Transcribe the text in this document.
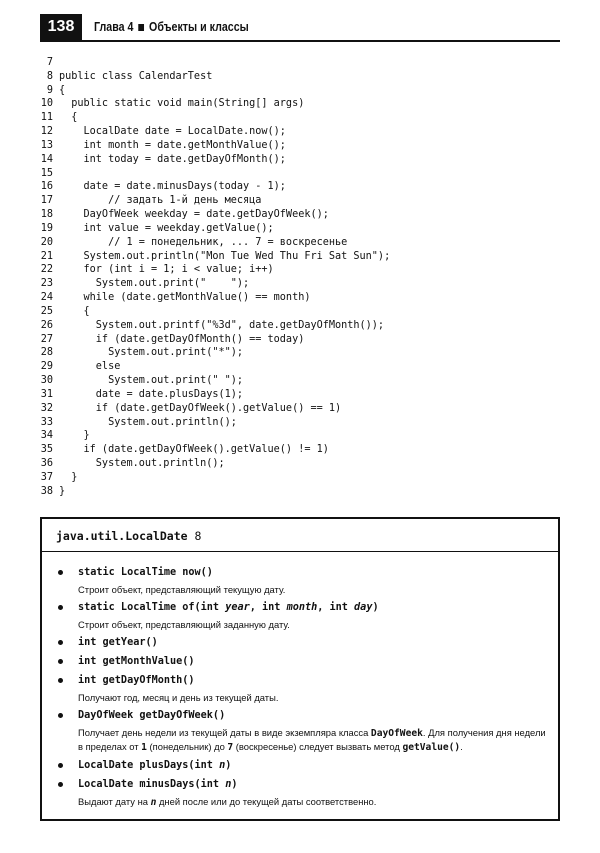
138	Глава 4 Объекты и классы
7
8 public class CalendarTest
9 {
10  public static void main(String[] args)
11  {
12    LocalDate date = LocalDate.now();
13    int month = date.getMonthValue();
14    int today = date.getDayOfMonth();
15
16    date = date.minusDays(today - 1);
17        // задать 1-й день месяца
18    DayOfWeek weekday = date.getDayOfWeek();
19    int value = weekday.getValue();
20        // 1 = понедельник, ... 7 = воскресенье
21    System.out.println("Mon Tue Wed Thu Fri Sat Sun");
22    for (int i = 1; i < value; i++)
23      System.out.print("    ");
24    while (date.getMonthValue() == month)
25    {
26      System.out.printf("%3d", date.getDayOfMonth());
27      if (date.getDayOfMonth() == today)
28        System.out.print("*");
29      else
30        System.out.print(" ");
31      date = date.plusDays(1);
32      if (date.getDayOfWeek().getValue() == 1)
33        System.out.println();
34    }
35    if (date.getDayOfWeek().getValue() != 1)
36      System.out.println();
37  }
38 }
java.util.LocalDate 8
static LocalTime now()
Строит объект, представляющий текущую дату.
static LocalTime of(int year, int month, int day)
Строит объект, представляющий заданную дату.
int getYear()
int getMonthValue()
int getDayOfMonth()
Получают год, месяц и день из текущей даты.
DayOfWeek getDayOfWeek()
Получает день недели из текущей даты в виде экземпляра класса DayOfWeek. Для получения дня недели в пределах от 1 (понедельник) до 7 (воскресенье) следует вызвать метод getValue().
LocalDate plusDays(int n)
LocalDate minusDays(int n)
Выдают дату на n дней после или до текущей даты соответственно.
